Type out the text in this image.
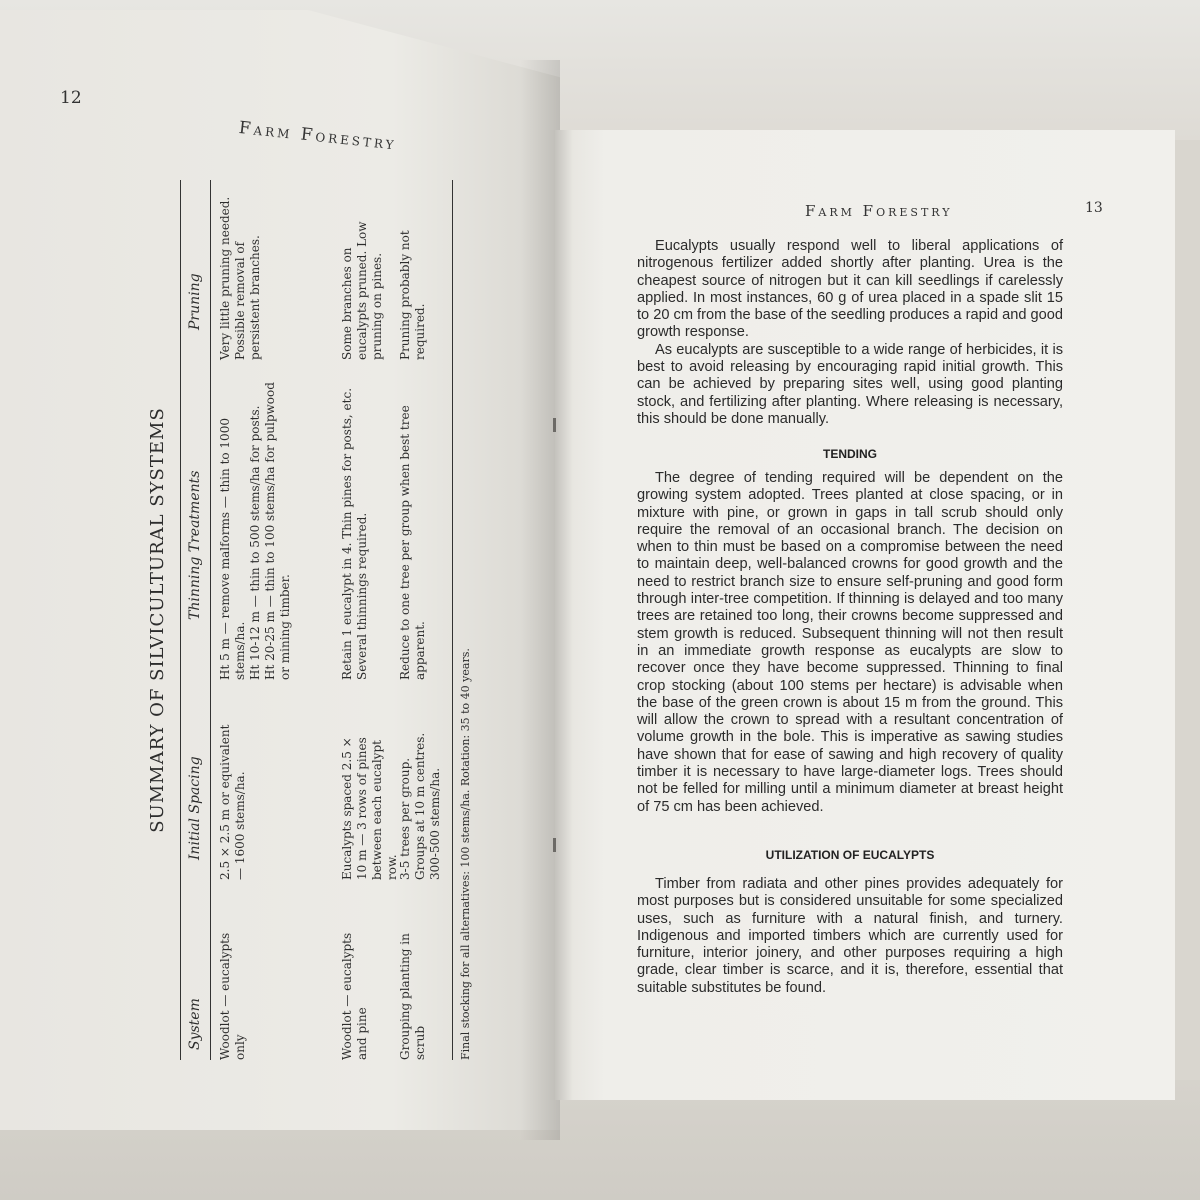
12
Farm Forestry
SUMMARY OF SILVICULTURAL SYSTEMS
System
Initial Spacing
Thinning Treatments
Pruning
Woodlot — eucalypts only
2.5 × 2.5 m or equivalent — 1600 stems/ha.
Ht 5 m — remove malforms — thin to 1000 stems/ha.
Ht 10-12 m — thin to 500 stems/ha for posts.
Ht 20-25 m — thin to 100 stems/ha for pulpwood or mining timber.
Very little pruning needed. Possible removal of persistent branches.
Woodlot — eucalypts and pine
Eucalypts spaced 2.5 × 10 m — 3 rows of pines between each eucalypt row.
Retain 1 eucalypt in 4. Thin pines for posts, etc. Several thinnings required.
Some branches on eucalypts pruned. Low pruning on pines.
Grouping planting in scrub
3-5 trees per group. Groups at 10 m centres. 300-500 stems/ha.
Reduce to one tree per group when best tree apparent.
Pruning probably not required.
Final stocking for all alternatives: 100 stems/ha. Rotation: 35 to 40 years.
Farm Forestry	13

Eucalypts usually respond well to liberal applications of nitrogenous fertilizer added shortly after planting. Urea is the cheapest source of nitrogen but it can kill seedlings if carelessly applied. In most instances, 60 g of urea placed in a spade slit 15 to 20 cm from the base of the seedling produces a rapid and good growth response.

As eucalypts are susceptible to a wide range of herbicides, it is best to avoid releasing by encouraging rapid initial growth. This can be achieved by preparing sites well, using good planting stock, and fertilizing after planting. Where releasing is necessary, this should be done manually.

TENDING

The degree of tending required will be dependent on the growing system adopted. Trees planted at close spacing, or in mixture with pine, or grown in gaps in tall scrub should only require the removal of an occasional branch. The decision on when to thin must be based on a compromise between the need to maintain deep, well-balanced crowns for good growth and the need to restrict branch size to ensure self-pruning and good form through inter-tree competition. If thinning is delayed and too many trees are retained too long, their crowns become suppressed and stem growth is reduced. Subsequent thinning will not then result in an immediate growth response as eucalypts are slow to recover once they have become suppressed. Thinning to final crop stocking (about 100 stems per hectare) is advisable when the base of the green crown is about 15 m from the ground. This will allow the crown to spread with a resultant concentration of volume growth in the bole. This is imperative as sawing studies have shown that for ease of sawing and high recovery of quality timber it is necessary to have large-diameter logs. Trees should not be felled for milling until a minimum diameter at breast height of 75 cm has been achieved.

UTILIZATION OF EUCALYPTS

Timber from radiata and other pines provides adequately for most purposes but is considered unsuitable for some specialized uses, such as furniture with a natural finish, and turnery. Indigenous and imported timbers which are currently used for furniture, interior joinery, and other purposes requiring a high grade, clear timber is scarce, and it is, therefore, essential that suitable substitutes be found.
